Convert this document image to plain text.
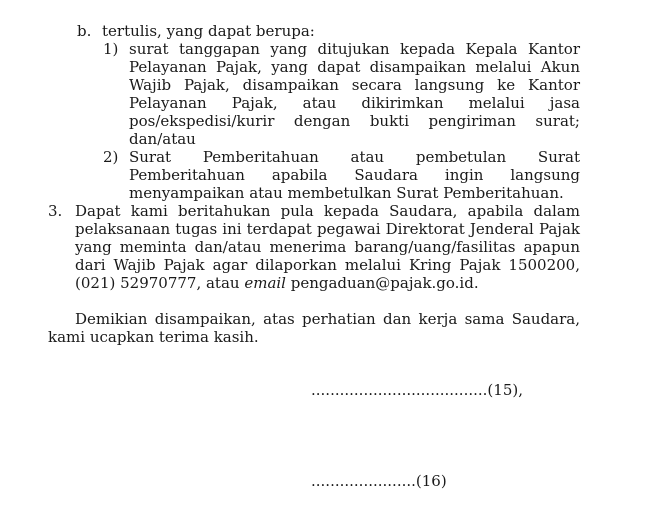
b. tertulis, yang dapat berupa:
1) surat tanggapan yang ditujukan kepada Kepala Kantor
Pelayanan Pajak, yang dapat disampaikan melalui Akun
Wajib Pajak, disampaikan secara langsung ke Kantor
Pelayanan Pajak, atau dikirimkan melalui jasa
pos/ekspedisi/kurir dengan bukti pengiriman surat;
dan/atau
2) Surat Pemberitahuan atau pembetulan Surat
Pemberitahuan apabila Saudara ingin langsung
menyampaikan atau membetulkan Surat Pemberitahuan.
3. Dapat kami beritahukan pula kepada Saudara, apabila dalam
pelaksanaan tugas ini terdapat pegawai Direktorat Jenderal Pajak
yang meminta dan/atau menerima barang/uang/fasilitas apapun
dari Wajib Pajak agar dilaporkan melalui Kring Pajak 1500200,
(021) 52970777, atau email pengaduan@pajak.go.id.
Demikian disampaikan, atas perhatian dan kerja sama Saudara,
kami ucapkan terima kasih.
.....................................(15),
......................(16)
